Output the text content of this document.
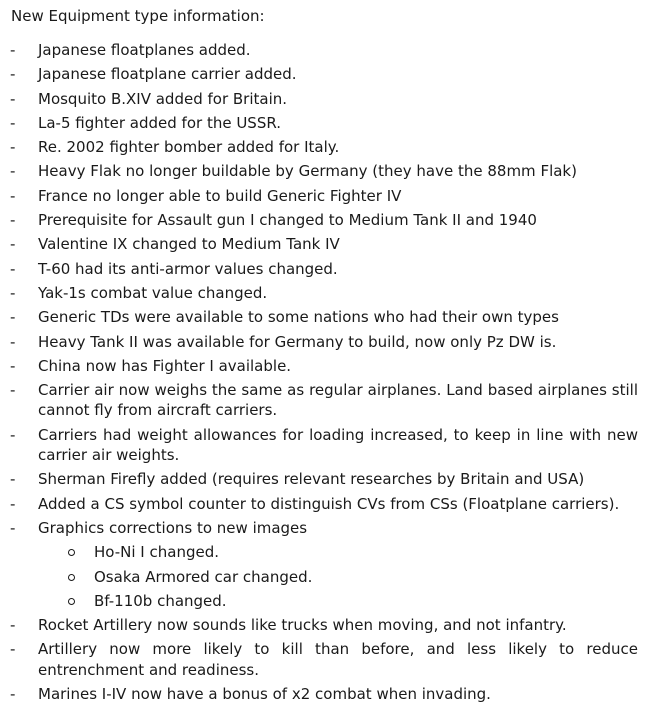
New Equipment type information:
- Japanese floatplanes added.
- Japanese floatplane carrier added.
- Mosquito B.XIV added for Britain.
- La-5 fighter added for the USSR.
- Re. 2002 fighter bomber added for Italy.
- Heavy Flak no longer buildable by Germany (they have the 88mm Flak)
- France no longer able to build Generic Fighter IV
- Prerequisite for Assault gun I changed to Medium Tank II and 1940
- Valentine IX changed to Medium Tank IV
- T-60 had its anti-armor values changed.
- Yak-1s combat value changed.
- Generic TDs were available to some nations who had their own types
- Heavy Tank II was available for Germany to build, now only Pz DW is.
- China now has Fighter I available.
- Carrier air now weighs the same as regular airplanes. Land based airplanes still cannot fly from aircraft carriers.
- Carriers had weight allowances for loading increased, to keep in line with new carrier air weights.
- Sherman Firefly added (requires relevant researches by Britain and USA)
- Added a CS symbol counter to distinguish CVs from CSs (Floatplane carriers).
- Graphics corrections to new images
Ho-Ni I changed.
Osaka Armored car changed.
Bf-110b changed.
- Rocket Artillery now sounds like trucks when moving, and not infantry.
- Artillery now more likely to kill than before, and less likely to reduce entrenchment and readiness.
- Marines I-IV now have a bonus of x2 combat when invading.
